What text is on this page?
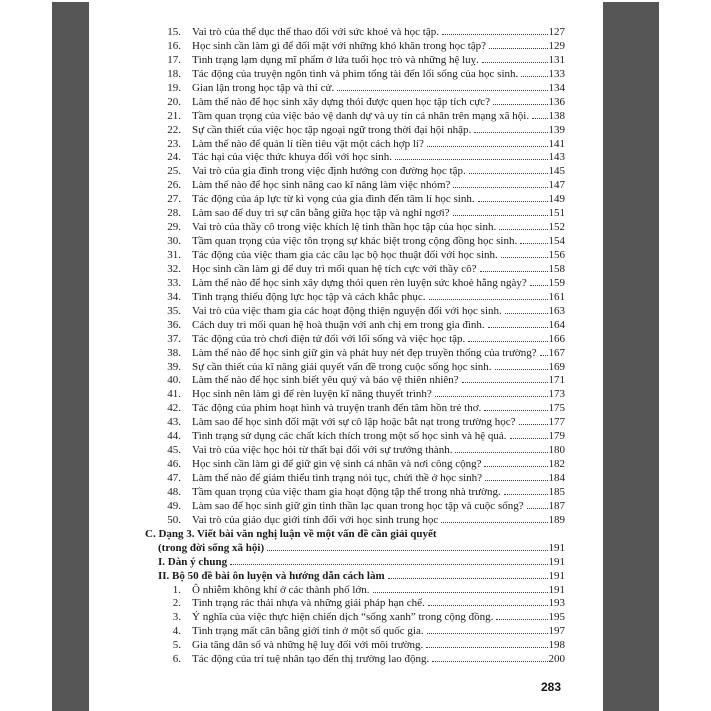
15. Vai trò của thể dục thể thao đối với sức khoẻ và học tập.	127
16. Học sinh cần làm gì để đối mặt với những khó khăn trong học tập?	129
17. Tình trạng lạm dụng mĩ phẩm ở lứa tuổi học trò và những hệ luỵ.	131
18. Tác động của truyện ngôn tình và phim tổng tài đến lối sống của học sinh.	133
19. Gian lận trong học tập và thi cử.	134
20. Làm thế nào để học sinh xây dựng thói được quen học tập tích cực?	136
21. Tầm quan trọng của việc bảo vệ danh dự và uy tín cá nhân trên mạng xã hội. 138
22. Sự cần thiết của việc học tập ngoại ngữ trong thời đại hội nhập.	139
23. Làm thế nào để quản lí tiền tiêu vặt một cách hợp lí?	141
24. Tác hại của việc thức khuya đối với học sinh.	143
25. Vai trò của gia đình trong việc định hướng con đường học tập.	145
26. Làm thế nào để học sinh nâng cao kĩ năng làm việc nhóm?	147
27. Tác động của áp lực từ kì vọng của gia đình đến tâm lí học sinh.	149
28. Làm sao để duy trì sự cân bằng giữa học tập và nghỉ ngơi?	151
29. Vai trò của thầy cô trong việc khích lệ tinh thần học tập của học sinh.	152
30. Tầm quan trọng của việc tôn trọng sự khác biệt trong cộng đồng học sinh.	154
31. Tác động của việc tham gia các câu lạc bộ học thuật đối với học sinh.	156
32. Học sinh cần làm gì để duy trì mối quan hệ tích cực với thầy cô?	158
33. Làm thế nào để học sinh xây dựng thói quen rèn luyện sức khoẻ hằng ngày? 159
34. Tình trạng thiếu động lực học tập và cách khắc phục.	161
35. Vai trò của việc tham gia các hoạt động thiện nguyện đối với học sinh.	163
36. Cách duy trì mối quan hệ hoà thuận với anh chị em trong gia đình.	164
37. Tác động của trò chơi điện tử đối với lối sống và việc học tập.	166
38. Làm thế nào để học sinh giữ gìn và phát huy nét đẹp truyền thống của trường? 167
39. Sự cần thiết của kĩ năng giải quyết vấn đề trong cuộc sống học sinh.	169
40. Làm thế nào để học sinh biết yêu quý và bảo vệ thiên nhiên?	171
41. Học sinh nên làm gì để rèn luyện kĩ năng thuyết trình?	173
42. Tác động của phim hoạt hình và truyện tranh đến tâm hồn trẻ thơ.	175
43. Làm sao để học sinh đối mặt với sự cô lập hoặc bắt nạt trong trường học?	177
44. Tình trạng sử dụng các chất kích thích trong một số học sinh và hệ quả.	179
45. Vai trò của việc học hỏi từ thất bại đối với sự trưởng thành.	180
46. Học sinh cần làm gì để giữ gìn vệ sinh cá nhân và nơi công cộng?	182
47. Làm thế nào để giảm thiểu tình trạng nói tục, chửi thề ở học sinh?	184
48. Tầm quan trọng của việc tham gia hoạt động tập thể trong nhà trường.	185
49. Làm sao để học sinh giữ gìn tinh thần lạc quan trong học tập và cuộc sống? 187
50. Vai trò của giáo dục giới tính đối với học sinh trung học	189
C. Dạng 3. Viết bài văn nghị luận về một vấn đề cần giải quyết
(trong đời sống xã hội)	191
I. Dàn ý chung	191
II. Bộ 50 đề bài ôn luyện và hướng dẫn cách làm	191
1. Ô nhiễm không khí ở các thành phố lớn.	191
2. Tình trạng rác thải nhựa và những giải pháp hạn chế.	193
3. Ý nghĩa của việc thực hiện chiến dịch “sống xanh” trong cộng đồng.	195
4. Tình trạng mất cân bằng giới tính ở một số quốc gia.	197
5. Gia tăng dân số và những hệ luỵ đối với môi trường.	198
6. Tác động của trí tuệ nhân tạo đến thị trường lao động.	200
283
